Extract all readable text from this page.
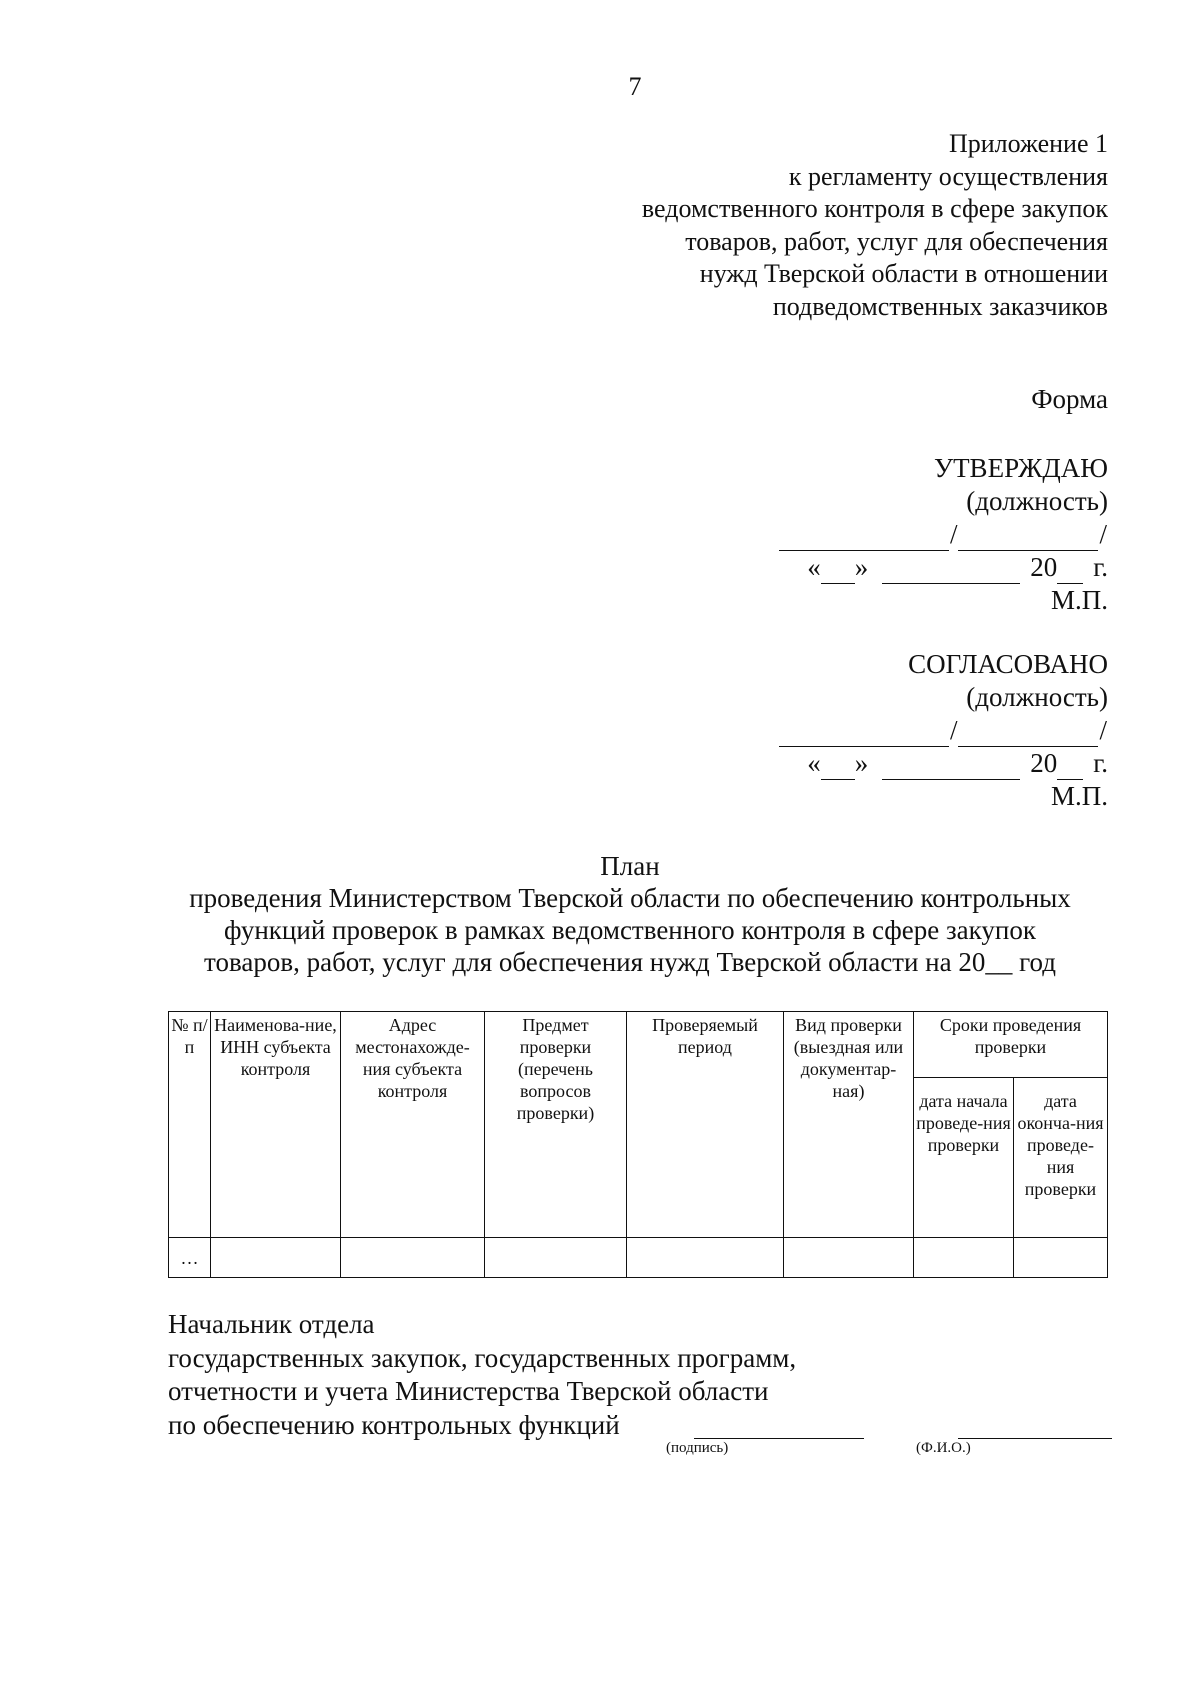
7
Приложение 1
к регламенту осуществления
ведомственного контроля в сфере закупок
товаров, работ, услуг для обеспечения
нужд Тверской области в отношении
подведомственных заказчиков
Форма
УТВЕРЖДАЮ
(должность)
/	/
« »	20 г.
М.П.
СОГЛАСОВАНО
(должность)
/	/
« »	20 г.
М.П.
План
проведения Министерством Тверской области по обеспечению контрольных
функций проверок в рамках ведомственного контроля в сфере закупок
товаров, работ, услуг для обеспечения нужд Тверской области на 20__ год
№ п/п	Наименова-ние, ИНН субъекта контроля	Адрес местонахожде-ния субъекта контроля	Предмет проверки (перечень вопросов проверки)	Проверяемый период	Вид проверки (выездная или документар-ная)	Сроки проведения проверки	
						дата начала проведе-ния проверки	дата оконча-ния проведе-ния проверки
…							
Начальник отдела
государственных закупок, государственных программ,
отчетности и учета Министерства Тверской области
по обеспечению контрольных функций
(подпись)	(Ф.И.О.)
